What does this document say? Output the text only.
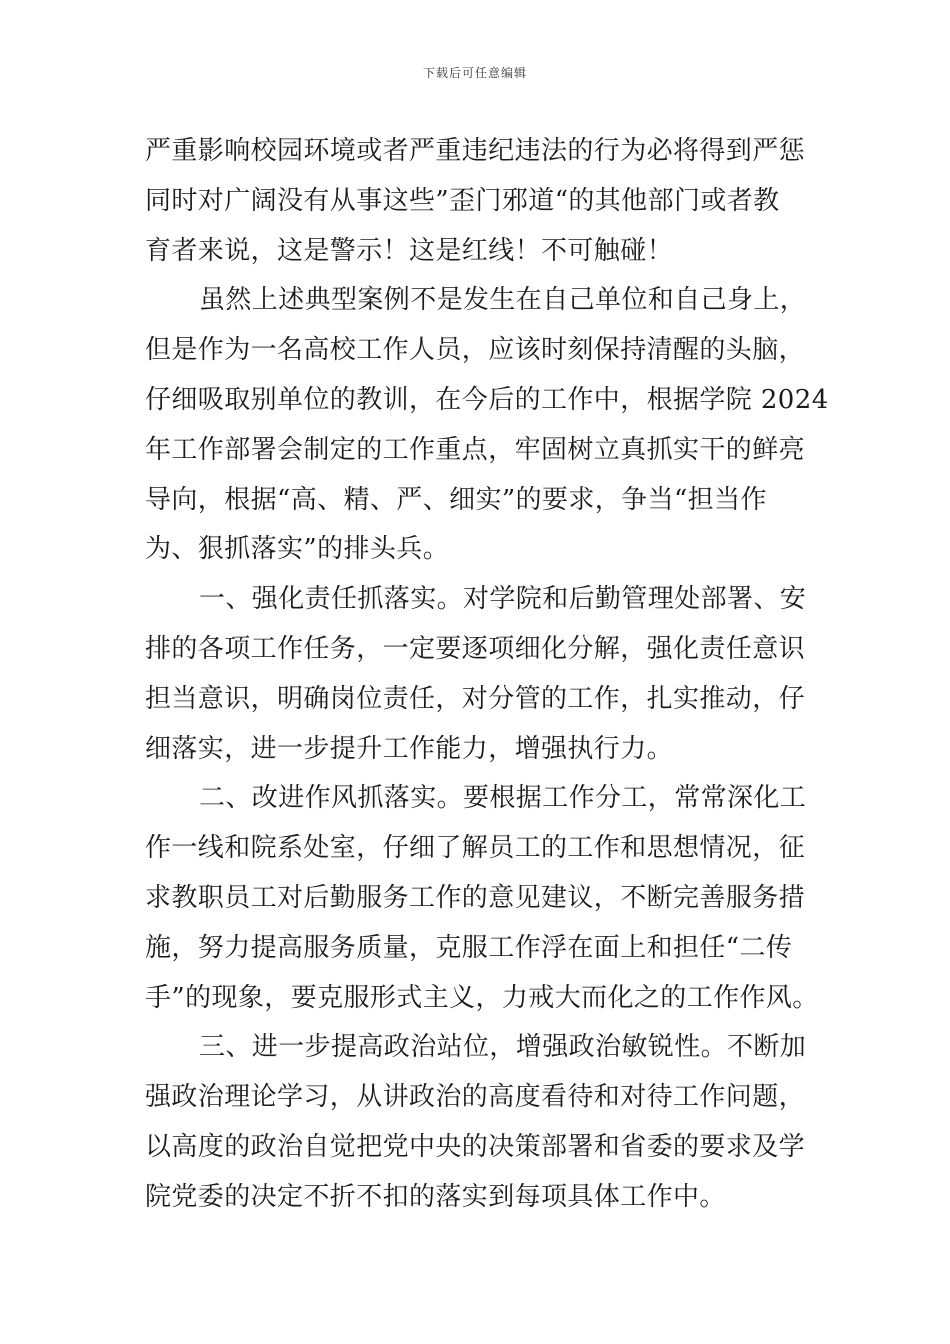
下载后可任意编辑
严重影响校园环境或者严重违纪违法的行为必将得到严惩
同时对广阔没有从事这些”歪门邪道“的其他部门或者教
育者来说，这是警示！这是红线！不可触碰！
虽然上述典型案例不是发生在自己单位和自己身上，
但是作为一名高校工作人员，应该时刻保持清醒的头脑，
仔细吸取别单位的教训，在今后的工作中，根据学院 2024
年工作部署会制定的工作重点，牢固树立真抓实干的鲜亮
导向，根据“高、精、严、细实”的要求，争当“担当作
为、狠抓落实”的排头兵。
一、强化责任抓落实。对学院和后勤管理处部署、安
排的各项工作任务，一定要逐项细化分解，强化责任意识
担当意识，明确岗位责任，对分管的工作，扎实推动，仔
细落实，进一步提升工作能力，增强执行力。
二、改进作风抓落实。要根据工作分工，常常深化工
作一线和院系处室，仔细了解员工的工作和思想情况，征
求教职员工对后勤服务工作的意见建议，不断完善服务措
施，努力提高服务质量，克服工作浮在面上和担任“二传
手”的现象，要克服形式主义，力戒大而化之的工作作风。
三、进一步提高政治站位，增强政治敏锐性。不断加
强政治理论学习，从讲政治的高度看待和对待工作问题，
以高度的政治自觉把党中央的决策部署和省委的要求及学
院党委的决定不折不扣的落实到每项具体工作中。
